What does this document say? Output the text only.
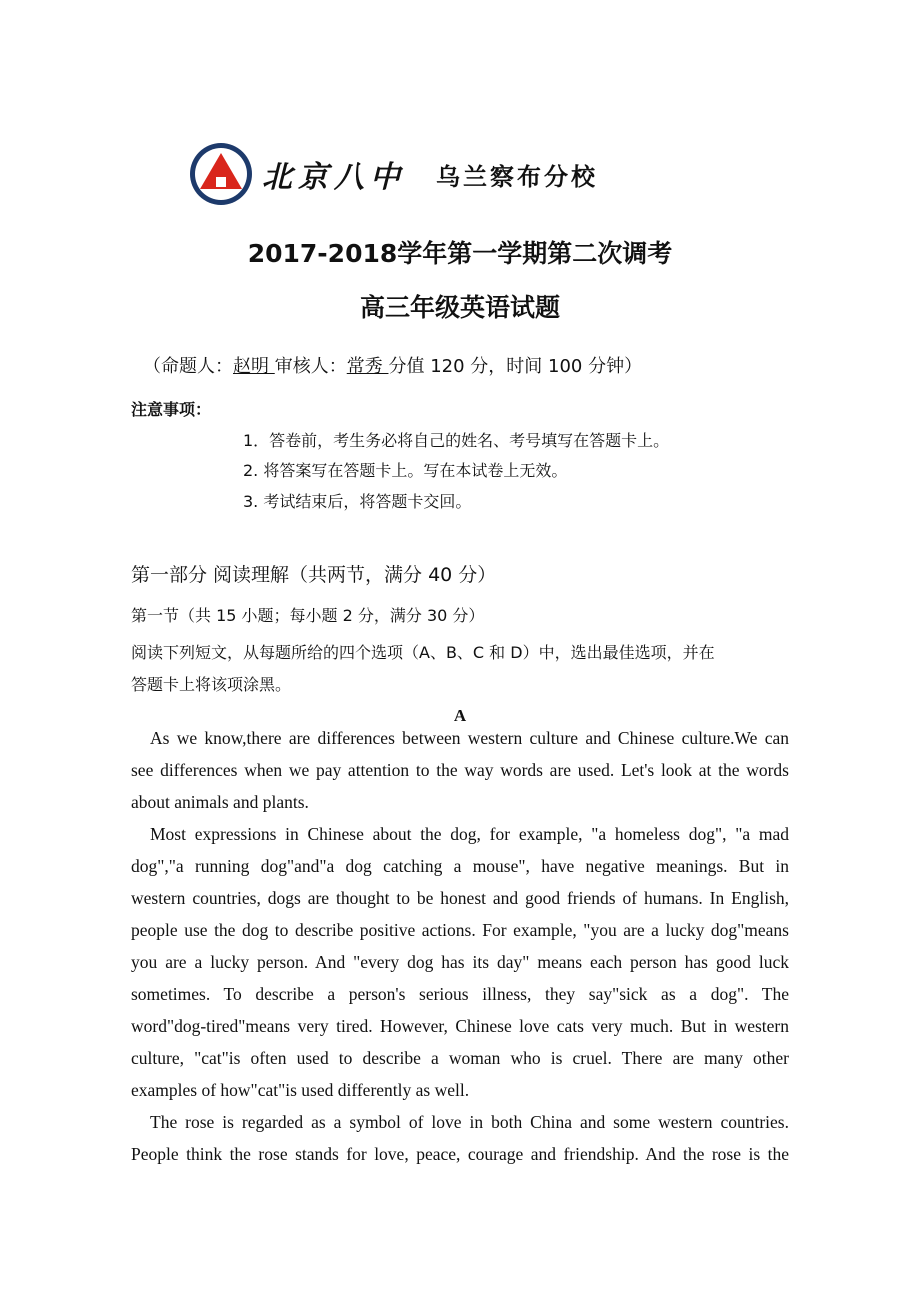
北京八中 乌兰察布分校
2017-2018学年第一学期第二次调考
高三年级英语试题
（命题人：赵明 审核人：常秀 分值 120 分，时间 100 分钟）
注意事项：
1．答卷前，考生务必将自己的姓名、考号填写在答题卡上。
2. 将答案写在答题卡上。写在本试卷上无效。
3. 考试结束后，将答题卡交回。
第一部分 阅读理解（共两节，满分 40 分）
第一节（共 15 小题；每小题 2 分，满分 30 分）
阅读下列短文，从每题所给的四个选项（A、B、C 和 D）中，选出最佳选项，并在
答题卡上将该项涂黑。
A
As we know,there are differences between western culture and Chinese culture.We can
see differences when we pay attention to the way words are used. Let's look at the words
about animals and plants.
Most expressions in Chinese about the dog, for example, "a homeless dog", "a mad
dog","a running dog"and"a dog catching a mouse", have negative meanings. But in
western countries, dogs are thought to be honest and good friends of humans. In English,
people use the dog to describe positive actions. For example, "you are a lucky dog"means
you are a lucky person. And "every dog has its day" means each person has good luck
sometimes. To describe a person's serious illness, they say"sick as a dog". The
word"dog-tired"means very tired. However, Chinese love cats very much. But in western
culture, "cat"is often used to describe a woman who is cruel. There are many other
examples of how"cat"is used differently as well.
The rose is regarded as a symbol of love in both China and some western countries.
People think the rose stands for love, peace, courage and friendship. And the rose is the
